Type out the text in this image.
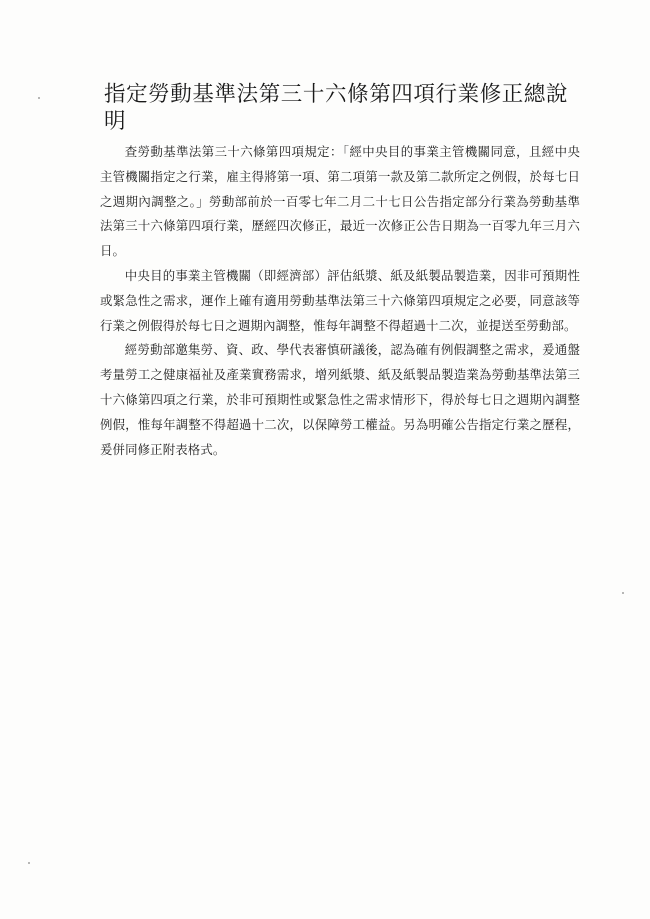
指定勞動基準法第三十六條第四項行業修正總說明

查勞動基準法第三十六條第四項規定：「經中央目的事業主管機關同意，且經中央主管機關指定之行業，雇主得將第一項、第二項第一款及第二款所定之例假，於每七日之週期內調整之。」勞動部前於一百零七年二月二十七日公告指定部分行業為勞動基準法第三十六條第四項行業，歷經四次修正，最近一次修正公告日期為一百零九年三月六日。

中央目的事業主管機關（即經濟部）評估紙漿、紙及紙製品製造業，因非可預期性或緊急性之需求，運作上確有適用勞動基準法第三十六條第四項規定之必要，同意該等行業之例假得於每七日之週期內調整，惟每年調整不得超過十二次，並提送至勞動部。

經勞動部邀集勞、資、政、學代表審慎研議後，認為確有例假調整之需求，爰通盤考量勞工之健康福祉及產業實務需求，增列紙漿、紙及紙製品製造業為勞動基準法第三十六條第四項之行業，於非可預期性或緊急性之需求情形下，得於每七日之週期內調整例假，惟每年調整不得超過十二次，以保障勞工權益。另為明確公告指定行業之歷程，爰併同修正附表格式。
